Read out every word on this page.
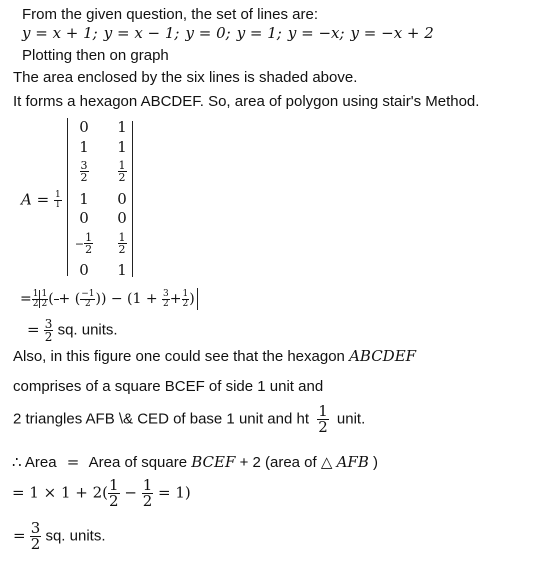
From the given question, the set of lines are:
y = x + 1; y = x − 1; y = 0; y = 1; y = −x; y = −x + 2
Plotting then on graph
The area enclosed by the six lines is shaded above.
It forms a hexagon ABCDEF. So, area of polygon using stair's Method.
$A = \frac{1}{l}$
0
1
$\frac{3}{2}$
1
0
− $\frac{1}{2}$
0
1
1
$\frac{1}{2}$
0
0
$\frac{1}{2}$
1
= $\frac{1}{2} \frac{1}{2}$ (

+ ( $\frac{-1}{2}$ )) − ($1 + \frac{3}{2} + \frac{1}{2}$ )
= $\frac{3}{2}$ sq. units.
Also, in this figure one could see that the hexagon ABCDEF
comprises of a square BCEF of side 1 unit and
2 triangles AFB \& CED of base 1 unit and ht $\frac{1}{2}$ unit.
∴ Area = Area of square BCEF + 2 (area of △ AFB )
= $1 \times 1 + 2( \frac{1}{2} - \frac{1}{2} = 1)$
= $\frac{3}{2}$ sq. units.
